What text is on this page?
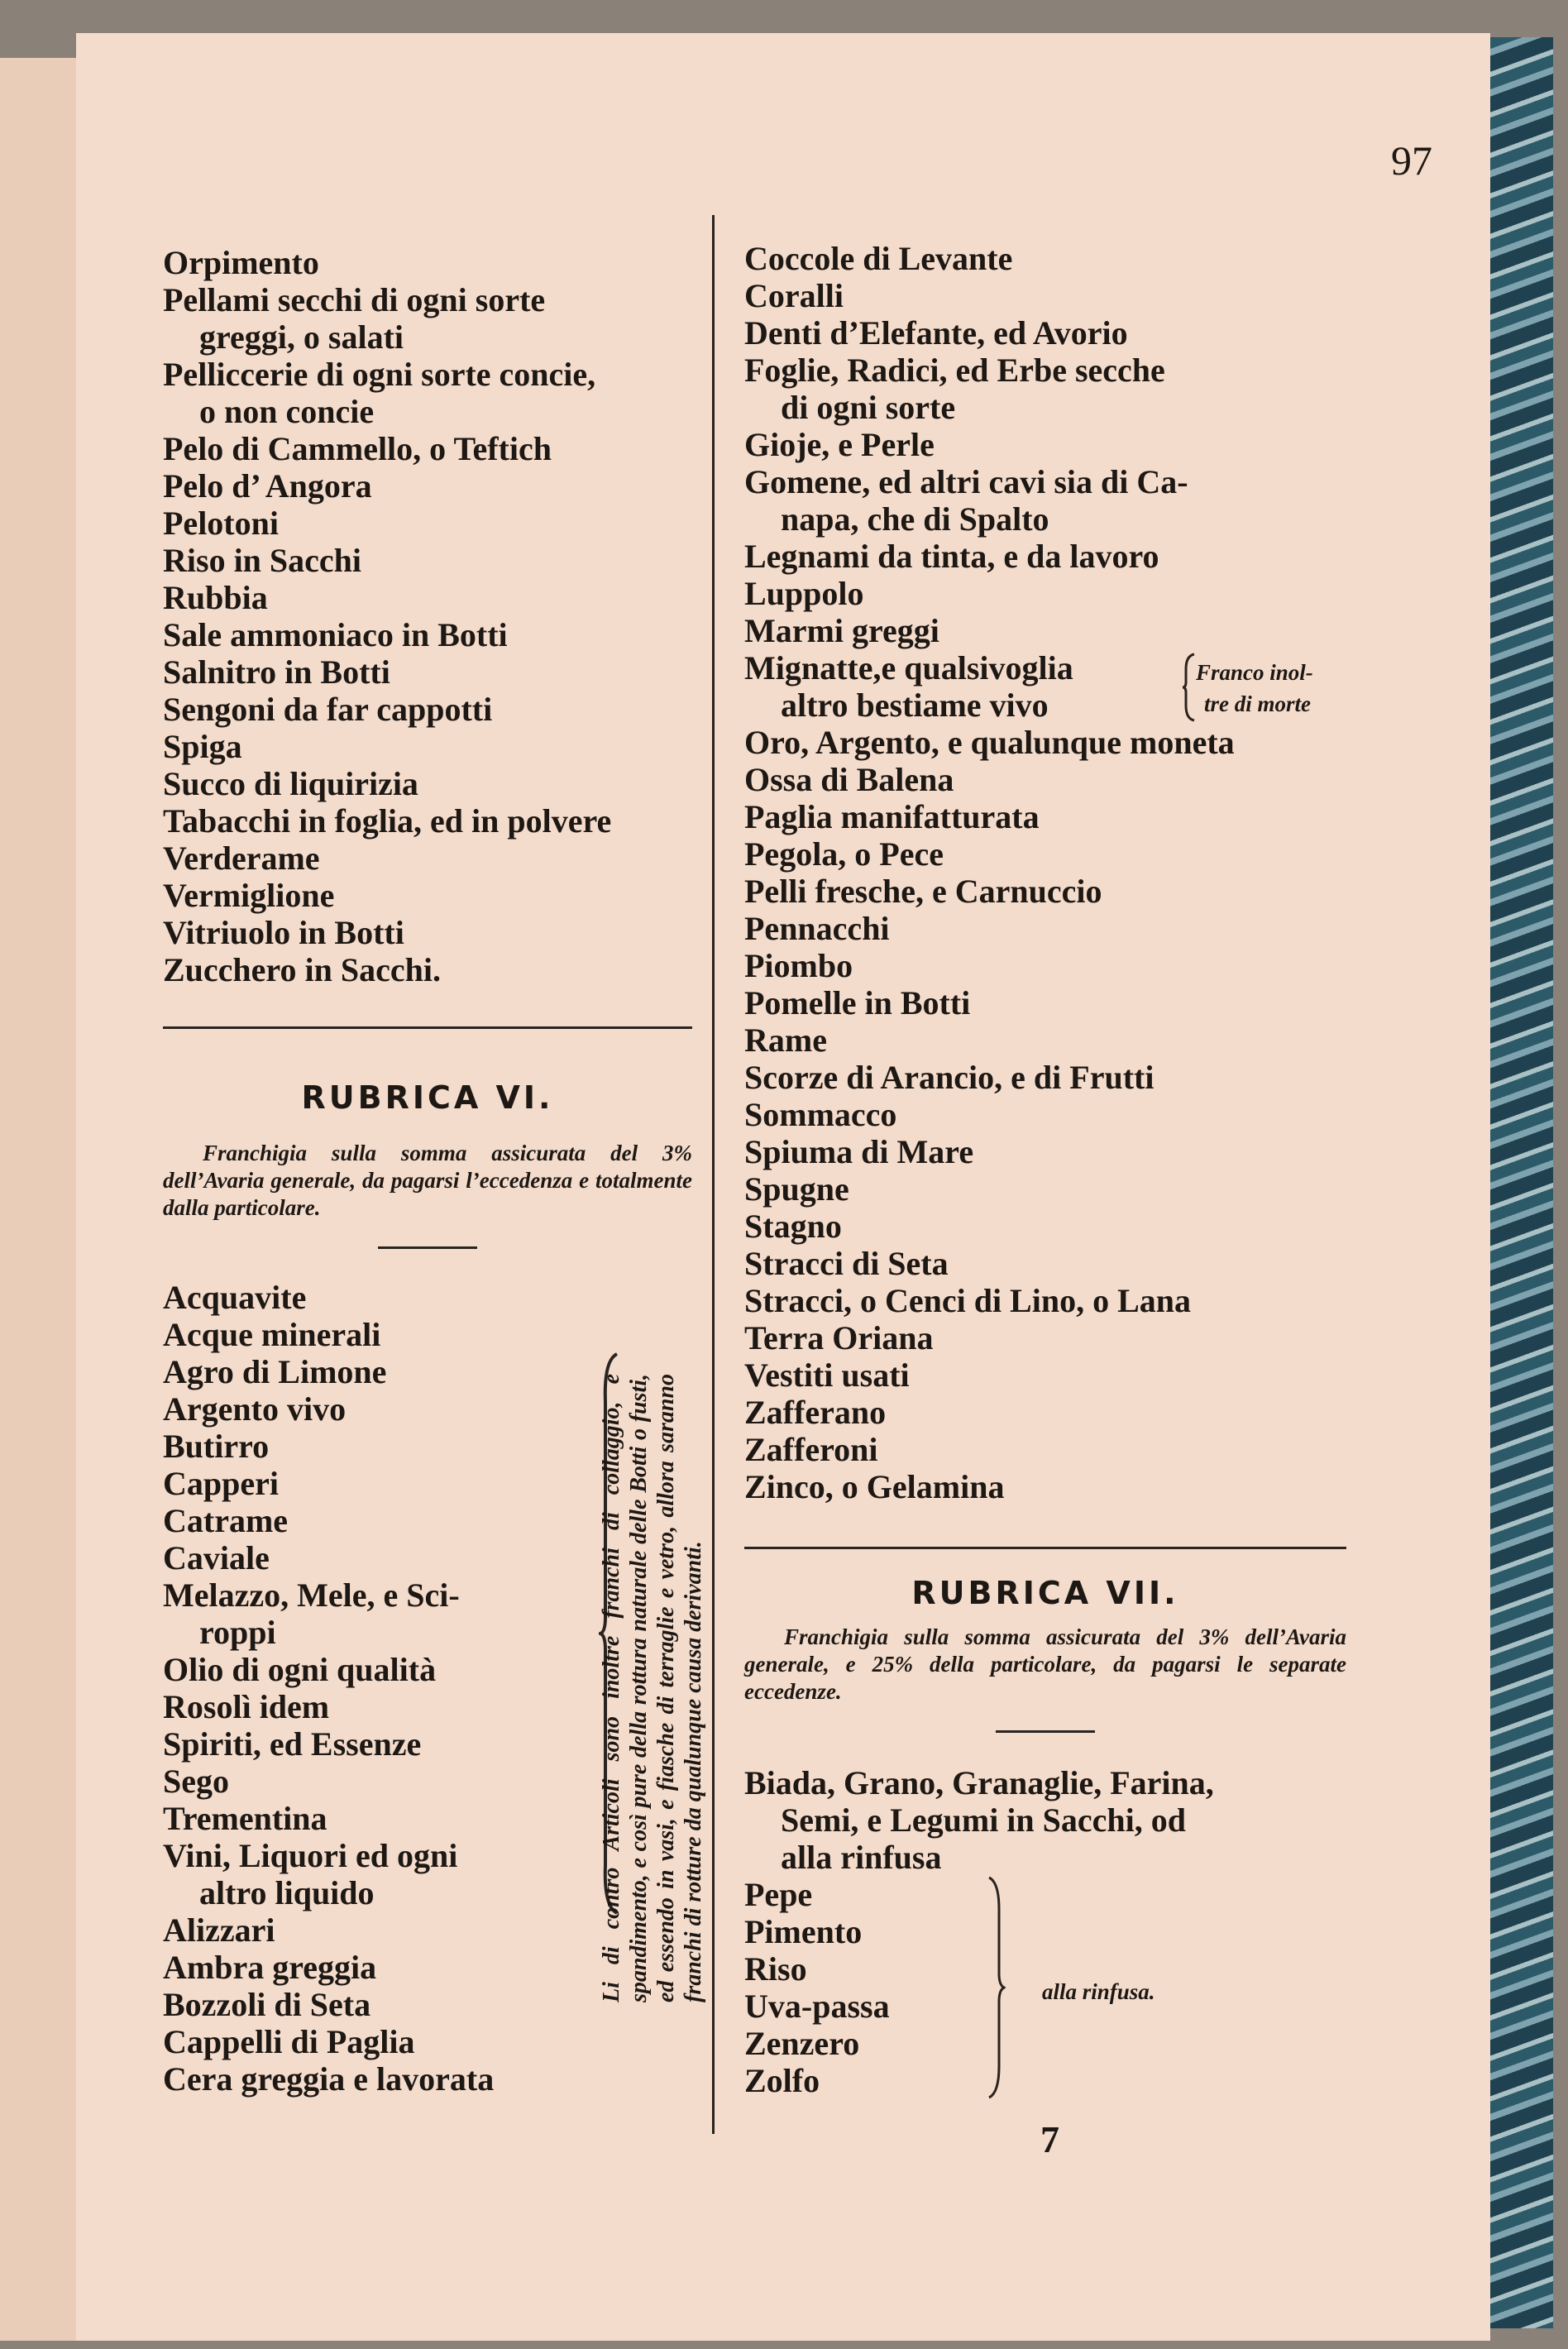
97
Orpimento
Pellami secchi di ogni sorte
greggi, o salati
Pelliccerie di ogni sorte concie,
o non concie
Pelo di Cammello, o Teftich
Pelo d’ Angora
Pelotoni
Riso in Sacchi
Rubbia
Sale ammoniaco in Botti
Salnitro in Botti
Sengoni da far cappotti
Spiga
Succo di liquirizia
Tabacchi in foglia, ed in polvere
Verderame
Vermiglione
Vitriuolo in Botti
Zucchero in Sacchi.
RUBRICA VI.
Franchigia sulla somma assicurata del 3% dell’Avaria generale, da pagarsi l’eccedenza e totalmente dalla particolare.
Acquavite
Acque minerali
Agro di Limone
Argento vivo
Butirro
Capperi
Catrame
Caviale
Melazzo, Mele, e Sci-
roppi
Olio di ogni qualità
Rosolì idem
Spiriti, ed Essenze
Sego
Trementina
Vini, Liquori ed ogni
altro liquido
Alizzari
Ambra greggia
Bozzoli di Seta
Cappelli di Paglia
Cera greggia e lavorata
Li di contro Articoli sono inoltre franchi di collaggio, e spandimento, e così pure della rottura naturale delle Botti o fusti, ed essendo in vasi, e fiasche di terraglie e vetro, allora saranno franchi di rotture da qualunque causa derivanti.
Coccole di Levante
Coralli
Denti d’Elefante, ed Avorio
Foglie, Radici, ed Erbe secche
di ogni sorte
Gioje, e Perle
Gomene, ed altri cavi sia di Ca-
napa, che di Spalto
Legnami da tinta, e da lavoro
Luppolo
Marmi greggi
Mignatte,e qualsivoglia
altro bestiame vivo
Franco inol-
tre di morte
Oro, Argento, e qualunque moneta
Ossa di Balena
Paglia manifatturata
Pegola, o Pece
Pelli fresche, e Carnuccio
Pennacchi
Piombo
Pomelle in Botti
Rame
Scorze di Arancio, e di Frutti
Sommacco
Spiuma di Mare
Spugne
Stagno
Stracci di Seta
Stracci, o Cenci di Lino, o Lana
Terra Oriana
Vestiti usati
Zafferano
Zafferoni
Zinco, o Gelamina
RUBRICA VII.
Franchigia sulla somma assicurata del 3% dell’Avaria generale, e 25% della particolare, da pagarsi le separate eccedenze.
Biada, Grano, Granaglie, Farina,
Semi, e Legumi in Sacchi, od
alla rinfusa
Pepe
Pimento
Riso
Uva-passa
Zenzero
Zolfo
alla rinfusa.
7
